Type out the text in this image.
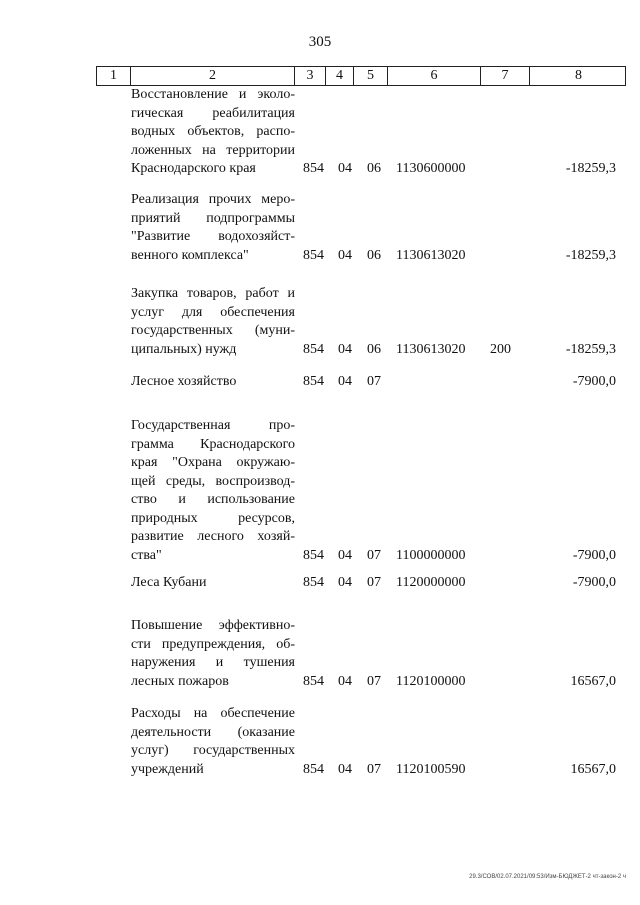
305
1	2	3	4	5	6	7	8
Восстановление и эколо-
гическая реабилитация
водных объектов, распо-
ложенных на территории
Краснодарского края	854 04 06 1130600000	-18259,3
Реализация прочих меро-
приятий подпрограммы
"Развитие водохозяйст-
венного комплекса"	854 04 06 1130613020	-18259,3
Закупка товаров, работ и
услуг для обеспечения
государственных (муни-
ципальных) нужд	854 04 06 1130613020 200	-18259,3
Лесное хозяйство	854 04 07	-7900,0
Государственная про-
грамма Краснодарского
края "Охрана окружаю-
щей среды, воспроизвод-
ство и использование
природных ресурсов,
развитие лесного хозяй-
ства"	854 04 07 1100000000	-7900,0
Леса Кубани	854 04 07 1120000000	-7900,0
Повышение эффективно-
сти предупреждения, об-
наружения и тушения
лесных пожаров	854 04 07 1120100000	16567,0
Расходы на обеспечение
деятельности (оказание
услуг) государственных
учреждений	854 04 07 1120100590	16567,0
29.3/СОВ/02.07.2021/09:53/Изм-БЮДЖЕТ-2 чт-закон-2 ч
